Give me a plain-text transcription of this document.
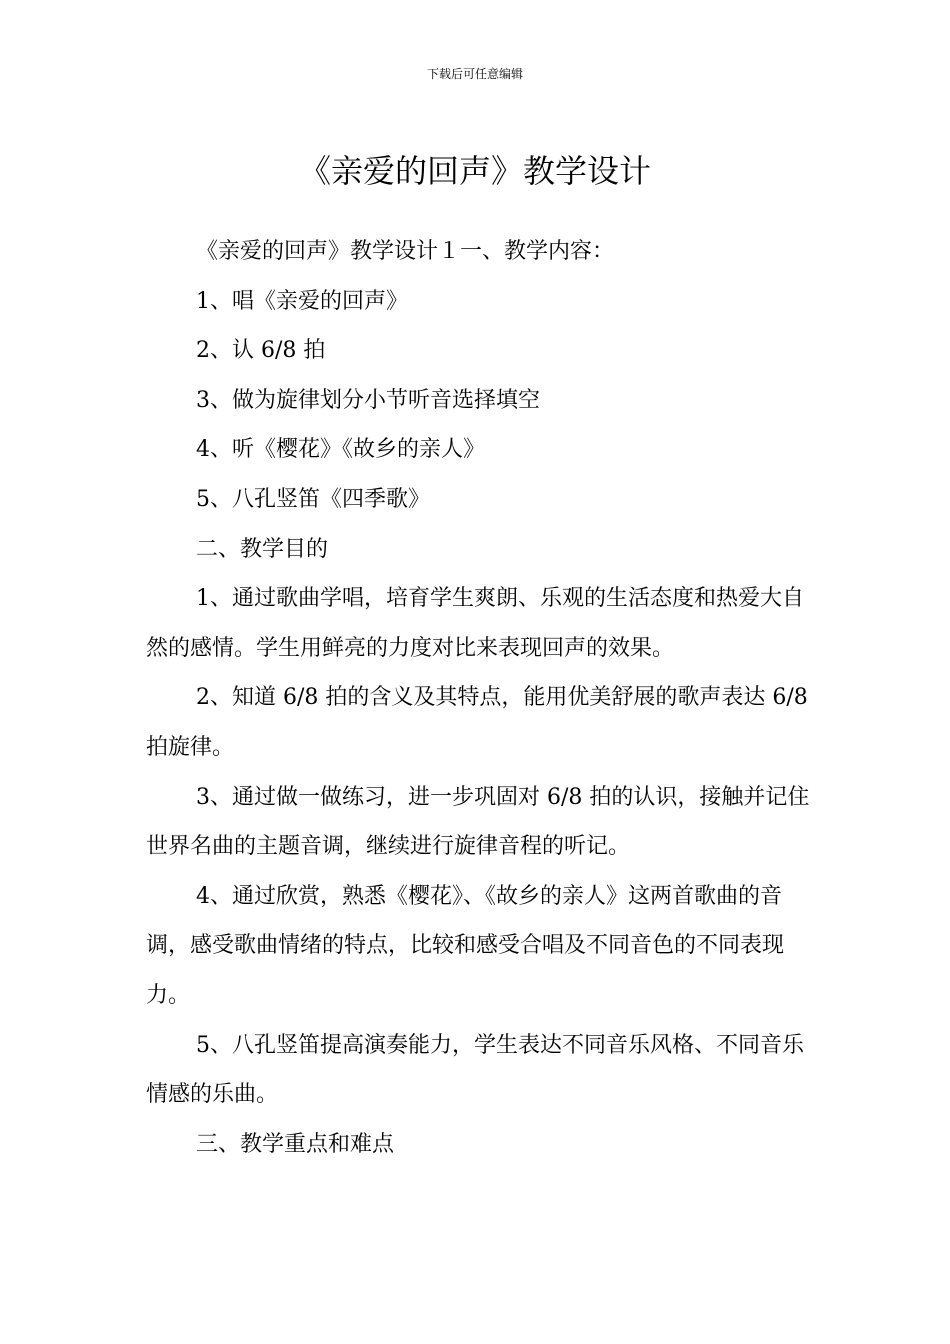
下载后可任意编辑
《亲爱的回声》教学设计

《亲爱的回声》教学设计１一、教学内容：

1、唱《亲爱的回声》

2、认 6/8 拍

3、做为旋律划分小节听音选择填空

4、听《樱花》《故乡的亲人》

5、八孔竖笛《四季歌》

二、教学目的

1、通过歌曲学唱，培育学生爽朗、乐观的生活态度和热爱大自然的感情。学生用鲜亮的力度对比来表现回声的效果。

2、知道 6/8 拍的含义及其特点，能用优美舒展的歌声表达 6/8 拍旋律。

3、通过做一做练习，进一步巩固对 6/8 拍的认识，接触并记住世界名曲的主题音调，继续进行旋律音程的听记。

4、通过欣赏，熟悉《樱花》、《故乡的亲人》这两首歌曲的音调，感受歌曲情绪的特点，比较和感受合唱及不同音色的不同表现力。

5、八孔竖笛提高演奏能力，学生表达不同音乐风格、不同音乐情感的乐曲。

三、教学重点和难点
